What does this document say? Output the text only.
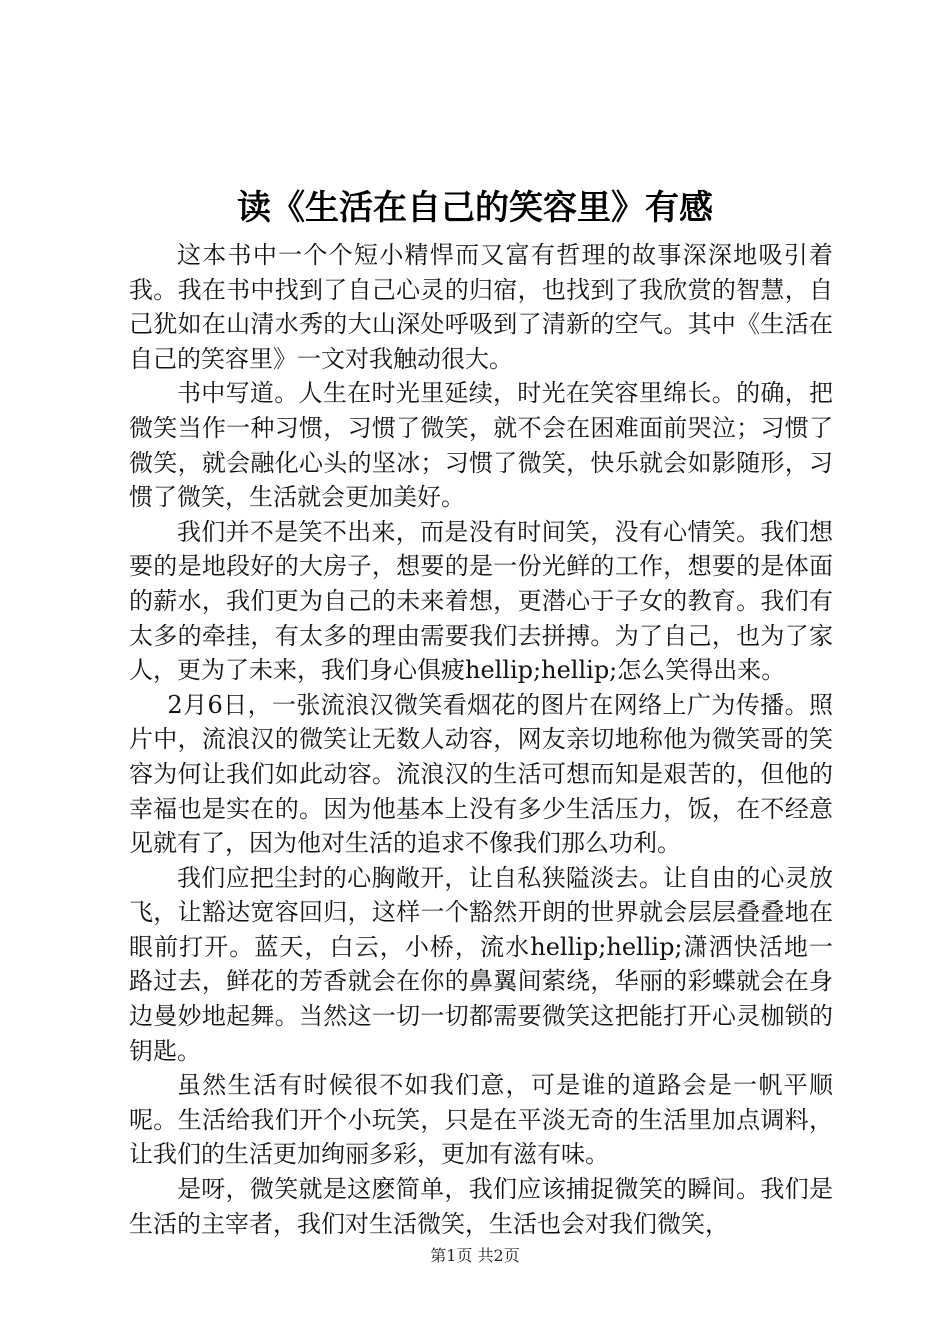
读《生活在自己的笑容里》有感

这本书中一个个短小精悍而又富有哲理的故事深深地吸引着我。我在书中找到了自己心灵的归宿，也找到了我欣赏的智慧，自己犹如在山清水秀的大山深处呼吸到了清新的空气。其中《生活在自己的笑容里》一文对我触动很大。

书中写道。人生在时光里延续，时光在笑容里绵长。的确，把微笑当作一种习惯，习惯了微笑，就不会在困难面前哭泣；习惯了微笑，就会融化心头的坚冰；习惯了微笑，快乐就会如影随形，习惯了微笑，生活就会更加美好。

我们并不是笑不出来，而是没有时间笑，没有心情笑。我们想要的是地段好的大房子，想要的是一份光鲜的工作，想要的是体面的薪水，我们更为自己的未来着想，更潜心于子女的教育。我们有太多的牵挂，有太多的理由需要我们去拼搏。为了自己，也为了家人，更为了未来，我们身心俱疲hellip;hellip;怎么笑得出来。

2月6日，一张流浪汉微笑看烟花的图片在网络上广为传播。照片中，流浪汉的微笑让无数人动容，网友亲切地称他为微笑哥的笑容为何让我们如此动容。流浪汉的生活可想而知是艰苦的，但他的幸福也是实在的。因为他基本上没有多少生活压力，饭，在不经意见就有了，因为他对生活的追求不像我们那么功利。

我们应把尘封的心胸敞开，让自私狭隘淡去。让自由的心灵放飞，让豁达宽容回归，这样一个豁然开朗的世界就会层层叠叠地在眼前打开。蓝天，白云，小桥，流水hellip;hellip;潇洒快活地一路过去，鲜花的芳香就会在你的鼻翼间萦绕，华丽的彩蝶就会在身边曼妙地起舞。当然这一切一切都需要微笑这把能打开心灵枷锁的钥匙。

虽然生活有时候很不如我们意，可是谁的道路会是一帆平顺呢。生活给我们开个小玩笑，只是在平淡无奇的生活里加点调料，让我们的生活更加绚丽多彩，更加有滋有味。

是呀，微笑就是这麽简单，我们应该捕捉微笑的瞬间。我们是生活的主宰者，我们对生活微笑，生活也会对我们微笑，

第1页 共2页
